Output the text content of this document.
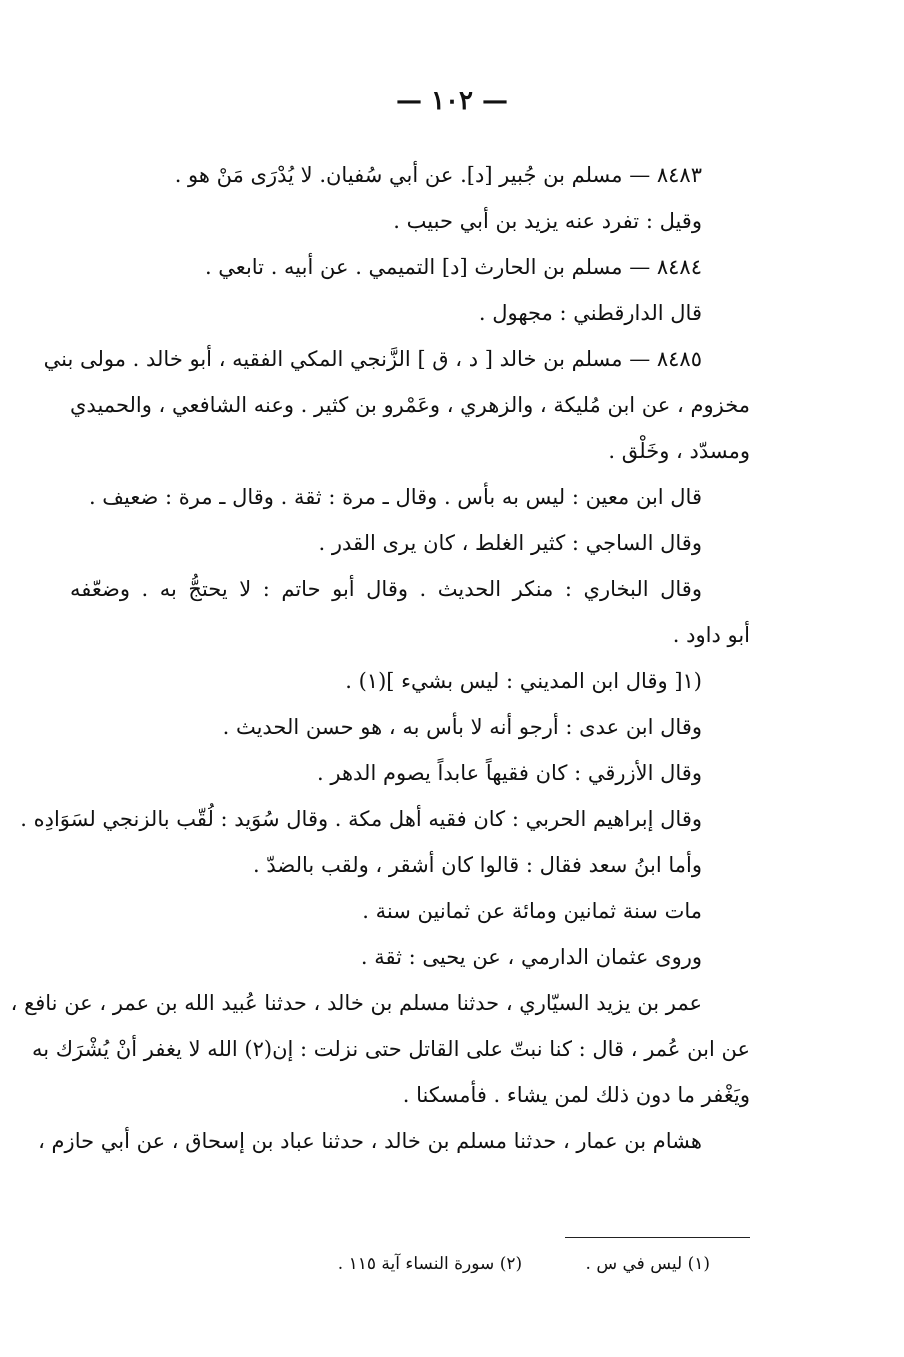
— ١٠٢ —
٨٤٨٣ — مسلم بن جُبير [د]. عن أبي سُفيان. لا يُدْرَى مَنْ هو .
وقيل : تفرد عنه يزيد بن أبي حبيب .
٨٤٨٤ — مسلم بن الحارث [د] التميمي . عن أبيه . تابعي .
قال الدارقطني : مجهول .
٨٤٨٥ — مسلم بن خالد [ د ، ق ] الزَّنجي المكي الفقيه ، أبو خالد . مولى بني
مخزوم ، عن ابن مُليكة ، والزهري ، وعَمْرو بن كثير . وعنه الشافعي ، والحميدي
ومسدّد ، وخَلْق .
قال ابن معين : ليس به بأس . وقال ـ مرة : ثقة . وقال ـ مرة : ضعيف .
وقال الساجي : كثير الغلط ، كان يرى القدر .
وقال البخاري : منكر الحديث . وقال أبو حاتم : لا يحتجُّ به . وضعّفه
أبو داود .
(١[ وقال ابن المديني : ليس بشيء ](١) .
وقال ابن عدى : أرجو أنه لا بأس به ، هو حسن الحديث .
وقال الأزرقي : كان فقيهاً عابداً يصوم الدهر .
وقال إبراهيم الحربي : كان فقيه أهل مكة . وقال سُوَيد : لُقّب بالزنجي لسَوَادِه .
وأما ابنُ سعد فقال : قالوا كان أشقر ، ولقب بالضدّ .
مات سنة ثمانين ومائة عن ثمانين سنة .
وروى عثمان الدارمي ، عن يحيى : ثقة .
عمر بن يزيد السيّاري ، حدثنا مسلم بن خالد ، حدثنا عُبيد الله بن عمر ، عن نافع ،
عن ابن عُمر ، قال : كنا نبتّ على القاتل حتى نزلت : إن(٢) الله لا يغفر أنْ يُشْرَك به
ويَغْفر ما دون ذلك لمن يشاء . فأمسكنا .
هشام بن عمار ، حدثنا مسلم بن خالد ، حدثنا عباد بن إسحاق ، عن أبي حازم ،
(١) ليس في س . (٢) سورة النساء آية ١١٥ .
